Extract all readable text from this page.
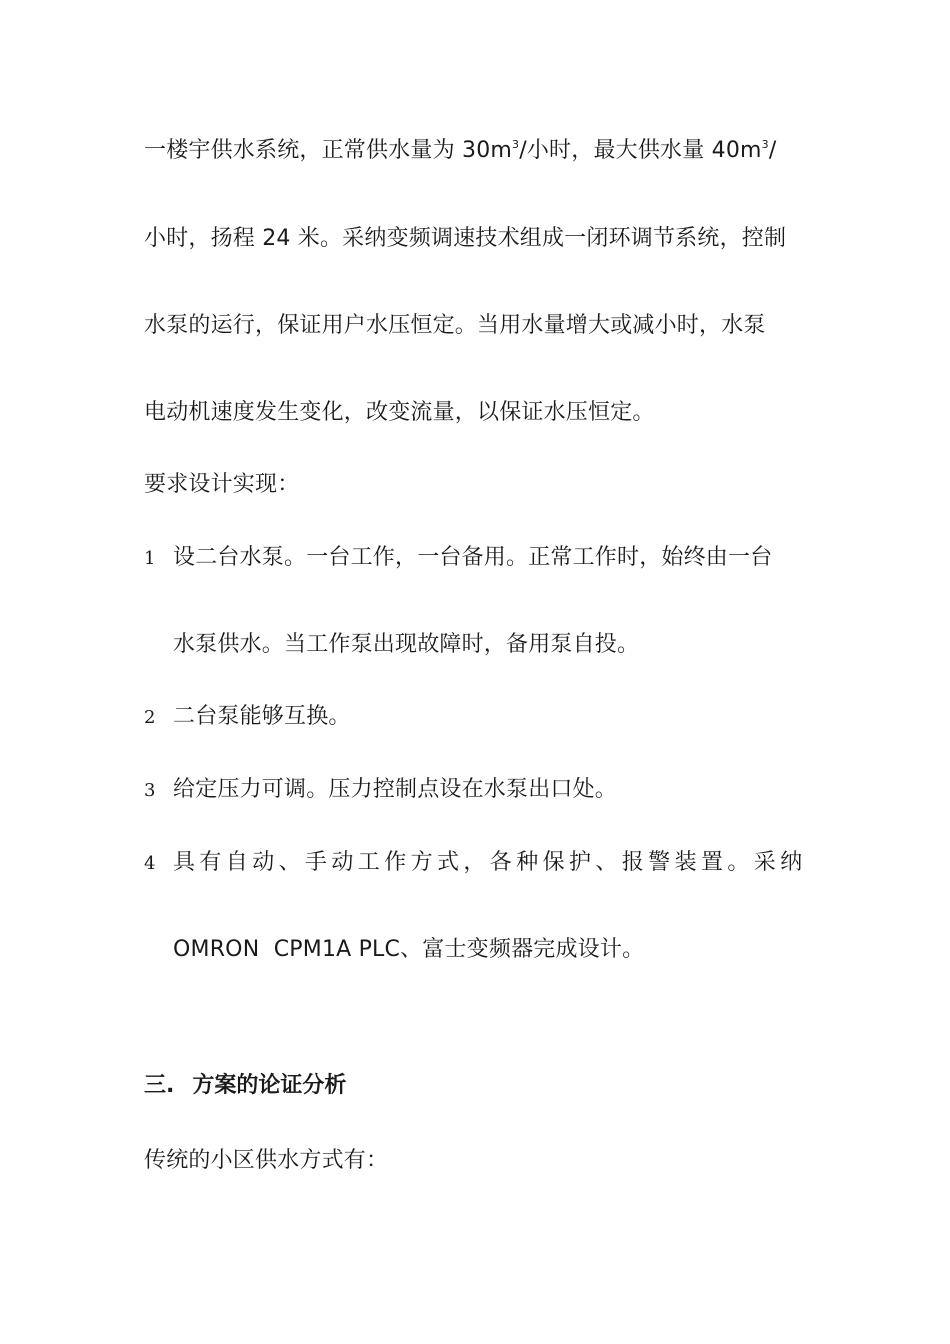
一楼宇供水系统，正常供水量为 $30m^3/$小时，最大供水量 $40m^3/$
小时，扬程 24 米。采纳变频调速技术组成一闭环调节系统，控制
水泵的运行，保证用户水压恒定。当用水量增大或减小时，水泵
电动机速度发生变化，改变流量，以保证水压恒定。
要求设计实现：
1 设二台水泵。一台工作，一台备用。正常工作时，始终由一台
水泵供水。当工作泵出现故障时，备用泵自投。
2 二台泵能够互换。
3 给定压力可调。压力控制点设在水泵出口处。
4 具有自动、手动工作方式，各种保护、报警装置。采纳
OMRON  CPM1A PLC、富士变频器完成设计。
三. 方案的论证分析
传统的小区供水方式有：
